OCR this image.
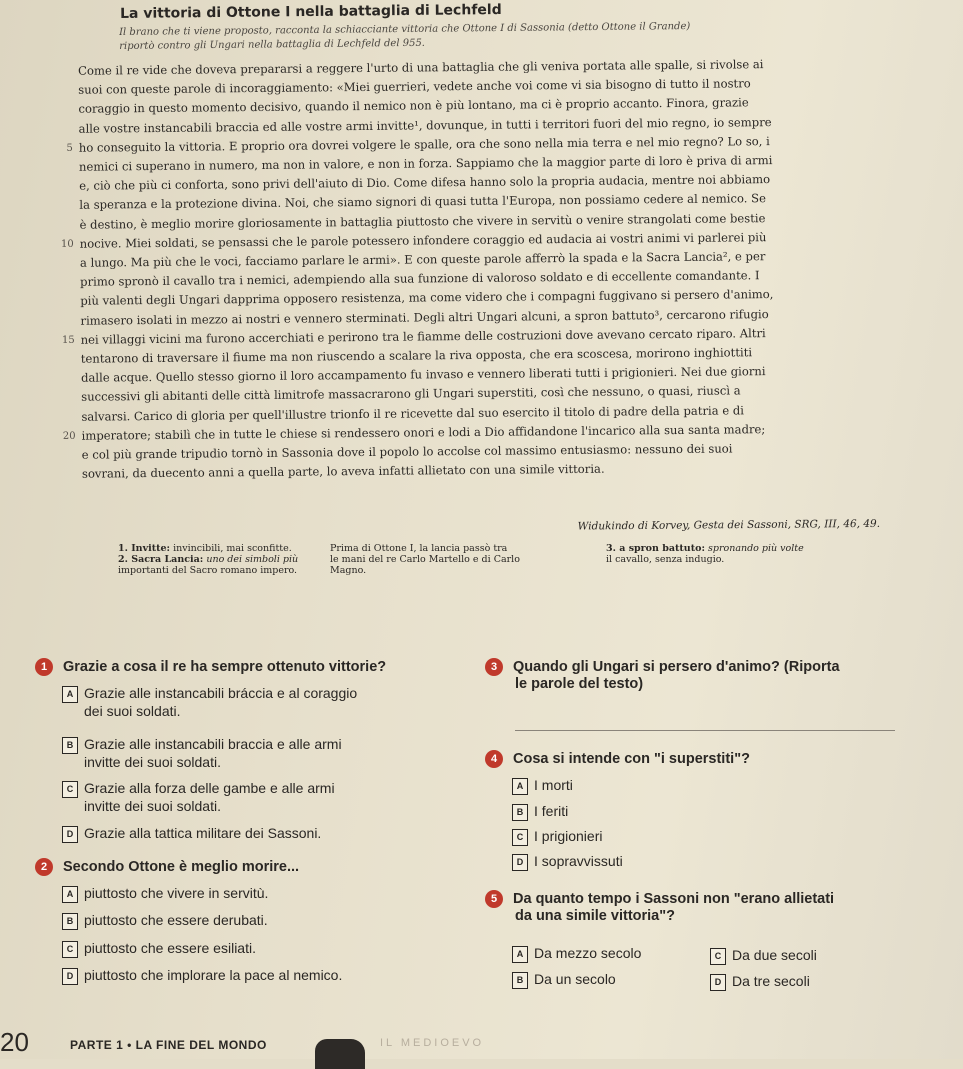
La vittoria di Ottone I nella battaglia di Lechfeld
Il brano che ti viene proposto, racconta la schiacciante vittoria che Ottone I di Sassonia (detto Ottone il Grande)
riportò contro gli Ungari nella battaglia di Lechfeld del 955.
Come il re vide che doveva prepararsi a reggere l'urto di una battaglia che gli veniva portata alle spalle, si rivolse ai
suoi con queste parole di incoraggiamento: «Miei guerrieri, vedete anche voi come vi sia bisogno di tutto il nostro
coraggio in questo momento decisivo, quando il nemico non è più lontano, ma ci è proprio accanto. Finora, grazie
alle vostre instancabili braccia ed alle vostre armi invitte¹, dovunque, in tutti i territori fuori del mio regno, io sempre
5 ho conseguito la vittoria. E proprio ora dovrei volgere le spalle, ora che sono nella mia terra e nel mio regno? Lo so, i
nemici ci superano in numero, ma non in valore, e non in forza. Sappiamo che la maggior parte di loro è priva di armi
e, ciò che più ci conforta, sono privi dell'aiuto di Dio. Come difesa hanno solo la propria audacia, mentre noi abbiamo
la speranza e la protezione divina. Noi, che siamo signori di quasi tutta l'Europa, non possiamo cedere al nemico. Se
è destino, è meglio morire gloriosamente in battaglia piuttosto che vivere in servitù o venire strangolati come bestie
10 nocive. Miei soldati, se pensassi che le parole potessero infondere coraggio ed audacia ai vostri animi vi parlerei più
a lungo. Ma più che le voci, facciamo parlare le armi». E con queste parole afferrò la spada e la Sacra Lancia², e per
primo spronò il cavallo tra i nemici, adempiendo alla sua funzione di valoroso soldato e di eccellente comandante. I
più valenti degli Ungari dapprima opposero resistenza, ma come videro che i compagni fuggivano si persero d'animo,
rimasero isolati in mezzo ai nostri e vennero sterminati. Degli altri Ungari alcuni, a spron battuto³, cercarono rifugio
15 nei villaggi vicini ma furono accerchiati e perirono tra le fiamme delle costruzioni dove avevano cercato riparo. Altri
tentarono di traversare il fiume ma non riuscendo a scalare la riva opposta, che era scoscesa, morirono inghiottiti
dalle acque. Quello stesso giorno il loro accampamento fu invaso e vennero liberati tutti i prigionieri. Nei due giorni
successivi gli abitanti delle città limitrofe massacrarono gli Ungari superstiti, così che nessuno, o quasi, riuscì a
salvarsi. Carico di gloria per quell'illustre trionfo il re ricevette dal suo esercito il titolo di padre della patria e di
20 imperatore; stabilì che in tutte le chiese si rendessero onori e lodi a Dio affidandone l'incarico alla sua santa madre;
e col più grande tripudio tornò in Sassonia dove il popolo lo accolse col massimo entusiasmo: nessuno dei suoi
sovrani, da duecento anni a quella parte, lo aveva infatti allietato con una simile vittoria.
Widukindo di Korvey, Gesta dei Sassoni, SRG, III, 46, 49.
1. Invitte: invincibili, mai sconfitte.
2. Sacra Lancia: uno dei simboli più
importanti del Sacro romano impero.
Prima di Ottone I, la lancia passò tra
le mani del re Carlo Martello e di Carlo
Magno.
3. a spron battuto: spronando più volte
il cavallo, senza indugio.
1 Grazie a cosa il re ha sempre ottenuto vittorie?
A Grazie alle instancabili bráccia e al coraggio
dei suoi soldati.
B Grazie alle instancabili braccia e alle armi
invitte dei suoi soldati.
C Grazie alla forza delle gambe e alle armi
invitte dei suoi soldati.
D Grazie alla tattica militare dei Sassoni.
2 Secondo Ottone è meglio morire...
A piuttosto che vivere in servitù.
B piuttosto che essere derubati.
C piuttosto che essere esiliati.
D piuttosto che implorare la pace al nemico.
3 Quando gli Ungari si persero d'animo? (Riporta
le parole del testo)
4 Cosa si intende con "i superstiti"?
A I morti
B I feriti
C I prigionieri
D I sopravvissuti
5 Da quanto tempo i Sassoni non "erano allietati
da una simile vittoria"?
A Da mezzo secolo
B Da un secolo
C Da due secoli
D Da tre secoli
20	PARTE 1 • LA FINE DEL MONDO	IL MEDIOEVO
